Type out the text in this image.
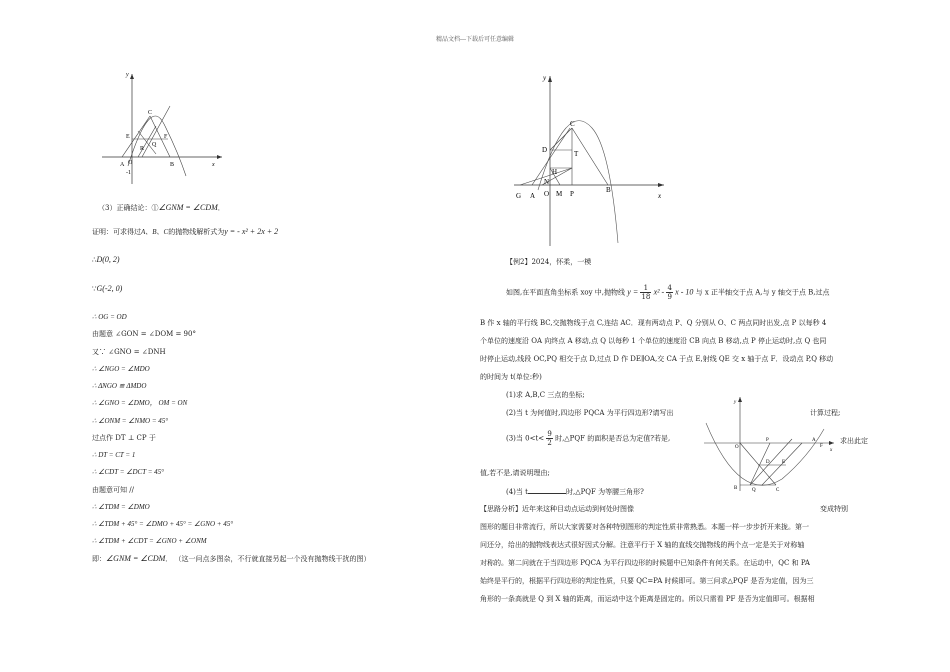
精品文档---下载后可任意编辑
y
x
C
E	F
Q
R
A O	B
-1
（3）正确结论：①∠GNM = ∠CDM．
证明：可求得过A、B、C的抛物线解析式为y = - x² + 2x + 2
∴D(0, 2)
∵G(-2, 0)
∴ OG = OD
由题意 ∠GON = ∠DOM = 90°
又∵ ∠GNO = ∠DNH
∴ ∠NGO = ∠MDO
∴ ΔNGO ≌ ΔMDO
∴ ∠GNO = ∠DMO， OM = ON
∴ ∠ONM = ∠NMO = 45°
过点作 DT ⊥ CP 于
∴ DT = CT = 1
∴ ∠CDT = ∠DCT = 45°
由题意可知 //
∴ ∠TDM = ∠DMO
∴ ∠TDM + 45° = ∠DMO + 45° = ∠GNO + 45°
∴ ∠TDM + ∠CDT = ∠GNO + ∠ONM
即：∠GNM = ∠CDM． （这一问点多图杂，不行就直接另起一个没有抛物线干扰的图）
y
x
C
D	T
H
N
G A O M P	B
【例2】2024，怀柔，一模
如图,在平面直角坐标系 xoy 中,抛物线 $y = \frac{1}{18} x^2 - \frac{4}{9}$ x - 10 与 x 正半轴交于点 A,与 y 轴交于点 B,过点
B 作 x 轴的平行线 BC,交抛物线于点 C,连结 AC．现有两动点 P、Q 分别从 O、C 两点同时出发,点 P 以每秒 4
个单位的速度沿 OA 向终点 A 移动,点 Q 以每秒 1 个单位的速度沿 CB 向点 B 移动,点 P 停止运动时,点 Q 也同
时停止运动,线段 OC,PQ 相交于点 D,过点 D 作 DE∥OA,交 CA 于点 E,射线 QE 交 x 轴于点 F．设动点 P,Q 移动
的时间为 t(单位:秒)
(1)求 A,B,C 三点的坐标;
(2)当 t 为何值时,四边形 PQCA 为平行四边形?请写出	计算过程;
(3)当 $0<t< \frac{9}{2}$ 时,△PQF 的面积是否总为定值?若是,	求出此定
值,若不是,请说明理由;
(4)当 t	时,△PQF 为等腰三角形?
y
x
O
P	A
E
D
F
B	Q	C
【思路分析】近年来这种目动点运动到何处时图像	变成特别
图形的题目非常流行，所以大家需要对各种特别图形的判定性质非常熟悉。本题一样一步步折开来拢。第一
问还分，给出的抛物线表达式很好因式分解。注意平行于 X 轴的直线交抛物线的两个点一定是关于对称轴
对称的。第二问就在于当四边形 PQCA 为平行四边形的时候题中已知条件有何关系。在运动中，QC 和 PA
始终是平行的，根据平行四边形的判定性质，只要 QC=PA 时候即可。第三问求△PQF 是否为定值，因为三
角形的一条高就是 Q 到 X 轴的距离，而运动中这个距离是固定的。所以只需看 PF 是否为定值即可。根据相
